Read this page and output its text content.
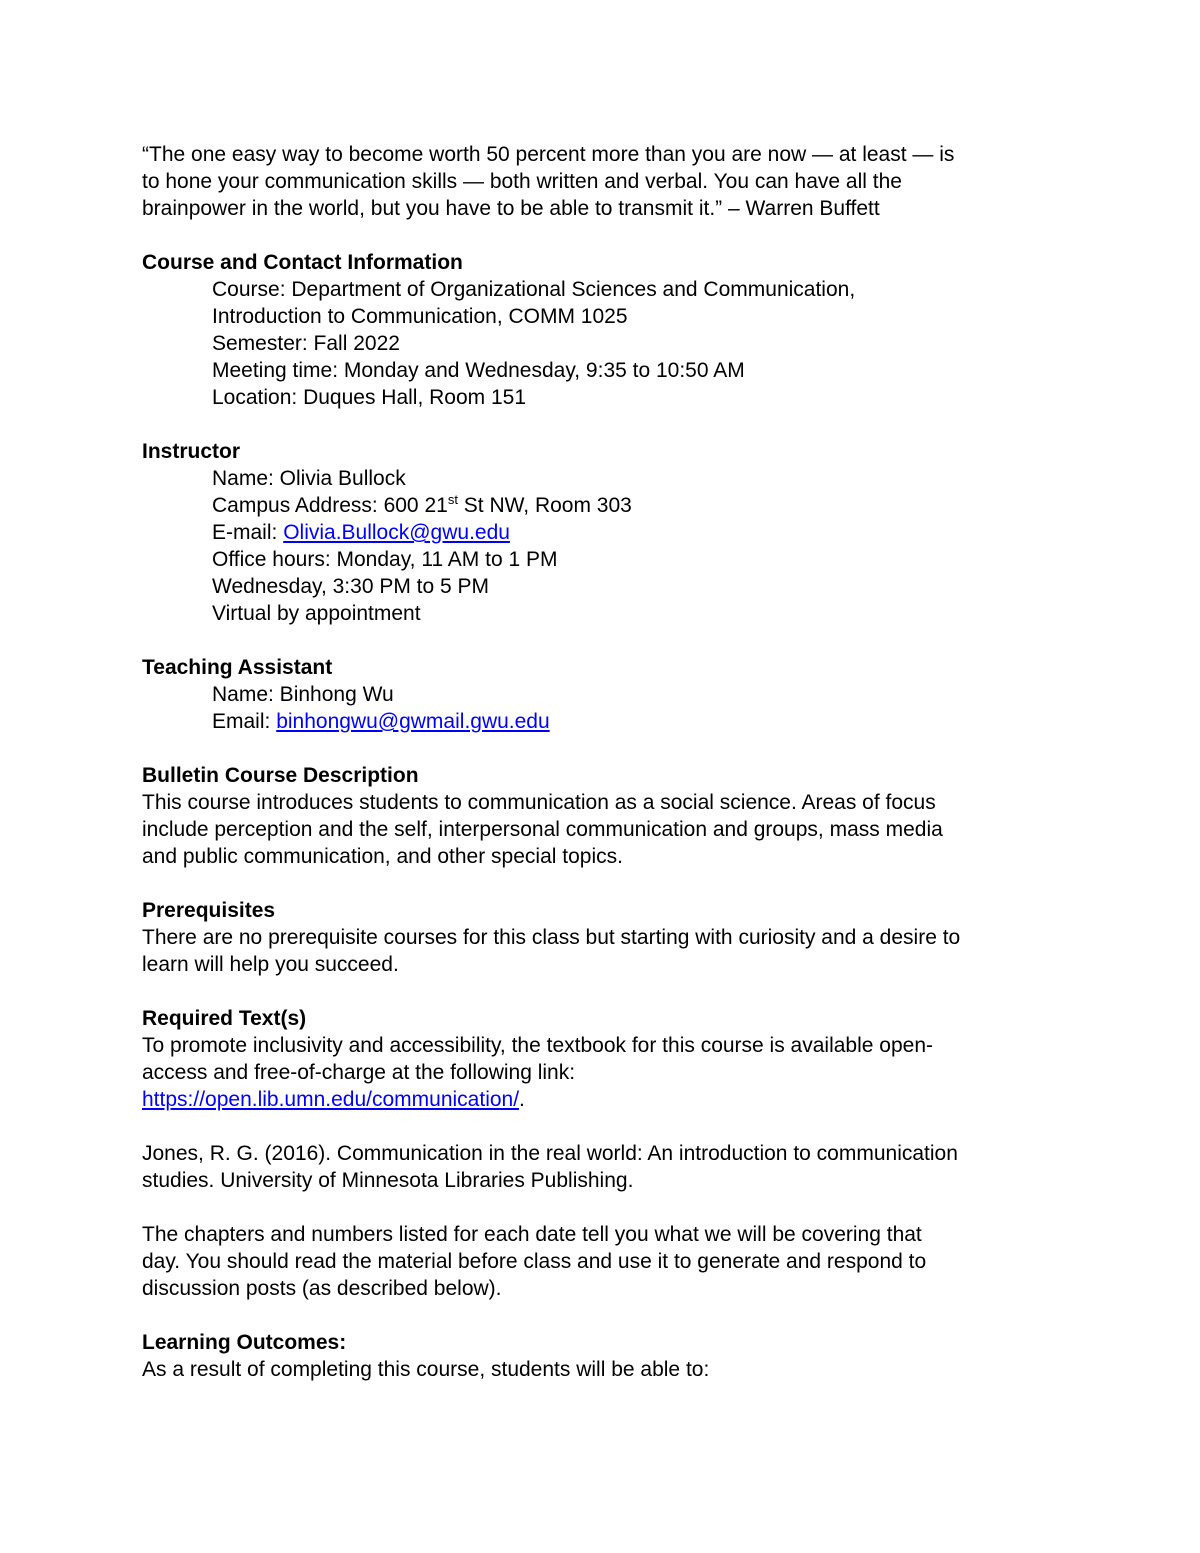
“The one easy way to become worth 50 percent more than you are now — at least — is
to hone your communication skills — both written and verbal. You can have all the
brainpower in the world, but you have to be able to transmit it.” – Warren Buffett

Course and Contact Information

Course: Department of Organizational Sciences and Communication,
Introduction to Communication, COMM 1025
Semester: Fall 2022
Meeting time: Monday and Wednesday, 9:35 to 10:50 AM
Location: Duques Hall, Room 151

Instructor

Name: Olivia Bullock
Campus Address: 600 21st St NW, Room 303
E-mail: Olivia.Bullock@gwu.edu
Office hours: Monday, 11 AM to 1 PM
Wednesday, 3:30 PM to 5 PM
Virtual by appointment

Teaching Assistant

Name: Binhong Wu
Email: binhongwu@gwmail.gwu.edu

Bulletin Course Description

This course introduces students to communication as a social science. Areas of focus
include perception and the self, interpersonal communication and groups, mass media
and public communication, and other special topics.

Prerequisites

There are no prerequisite courses for this class but starting with curiosity and a desire to
learn will help you succeed.

Required Text(s)

To promote inclusivity and accessibility, the textbook for this course is available open-
access and free-of-charge at the following link:
https://open.lib.umn.edu/communication/.
Jones, R. G. (2016). Communication in the real world: An introduction to communication
studies. University of Minnesota Libraries Publishing.
The chapters and numbers listed for each date tell you what we will be covering that
day. You should read the material before class and use it to generate and respond to
discussion posts (as described below).

Learning Outcomes:

As a result of completing this course, students will be able to:
